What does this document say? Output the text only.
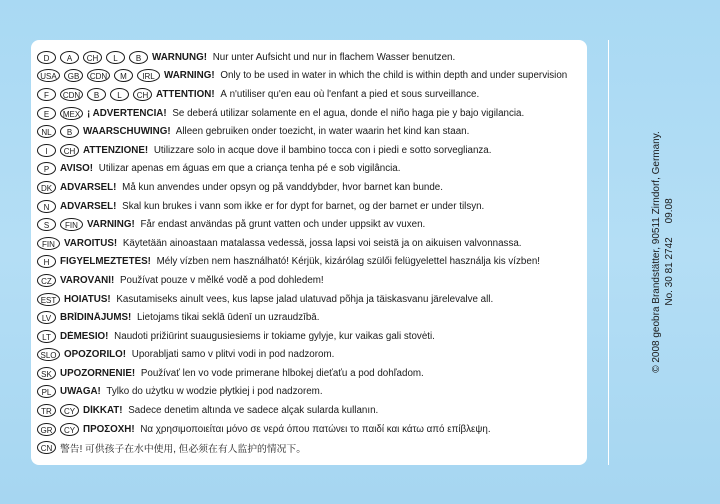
D	A	CH	L	B	WARNUNG! Nur unter Aufsicht und nur in flachem Wasser benutzen.
USA	GB	CDN	M	IRL WARNING! Only to be used in water in which the child is within depth and under supervision
F	CDN	B	L	CH ATTENTION! À n'utiliser qu'en eau où l'enfant a pied et sous surveillance.
E	MEX ¡ ADVERTENCIA! Se deberá utilizar solamente en el agua, donde el niño haga pie y bajo vigilancia.
NL	B	WAARSCHUWING! Alleen gebruiken onder toezicht, in water waarin het kind kan staan.
I	CH ATTENZIONE! Utilizzare solo in acque dove il bambino tocca con i piedi e sotto sorveglianza.
P	AVISO! Utilizar apenas em águas em que a criança tenha pé e sob vigilância.
DK ADVARSEL! Må kun anvendes under opsyn og på vanddybder, hvor barnet kan bunde.
N	ADVARSEL! Skal kun brukes i vann som ikke er for dypt for barnet, og der barnet er under tilsyn.
S	FIN VARNING! Får endast användas på grunt vatten och under uppsikt av vuxen.
FIN VAROITUS! Käytetään ainoastaan matalassa vedessä, jossa lapsi voi seistä ja on aikuisen valvonnassa.
H	FIGYELMEZTETÉS! Mély vízben nem használható! Kérjük, kizárólag szülői felügyelettel használja kis vízben!
CZ VAROVÁNÍ! Používat pouze v mělké vodě a pod dohledem!
EST HOIATUS! Kasutamiseks ainult vees, kus lapse jalad ulatuvad põhja ja täiskasvanu järelevalve all.
LV BRĪDINĀJUMS! Lietojams tikai seklā ūdenī un uzraudzībā.
LT DĖMESIO! Naudoti prižiūrint suaugusiesiems ir tokiame gylyje, kur vaikas gali stovėti.
SLO OPOZORILO! Uporabljati samo v plitvi vodi in pod nadzorom.
SK UPOZORNENIE! Používať len vo vode primerane hlbokej dieťaťu a pod dohľadom.
PL UWAGA! Tylko do użytku w wodzie płytkiej i pod nadzorem.
TR	CY DİKKAT! Sadece denetim altında ve sadece alçak sularda kullanın.
GR	CY ΠΡΟΣΟΧΗ! Να χρησιμοποιείται μόνο σε νερά όπου πατώνει το παιδί και κάτω από επίβλεψη.
CN 警告! 可供孩子在水中使用, 但必须在有人监护的情况下。
© 2008 geobra Brandstätter, 90511 Zirndorf, Germany. No. 30 81 2742     09.08
